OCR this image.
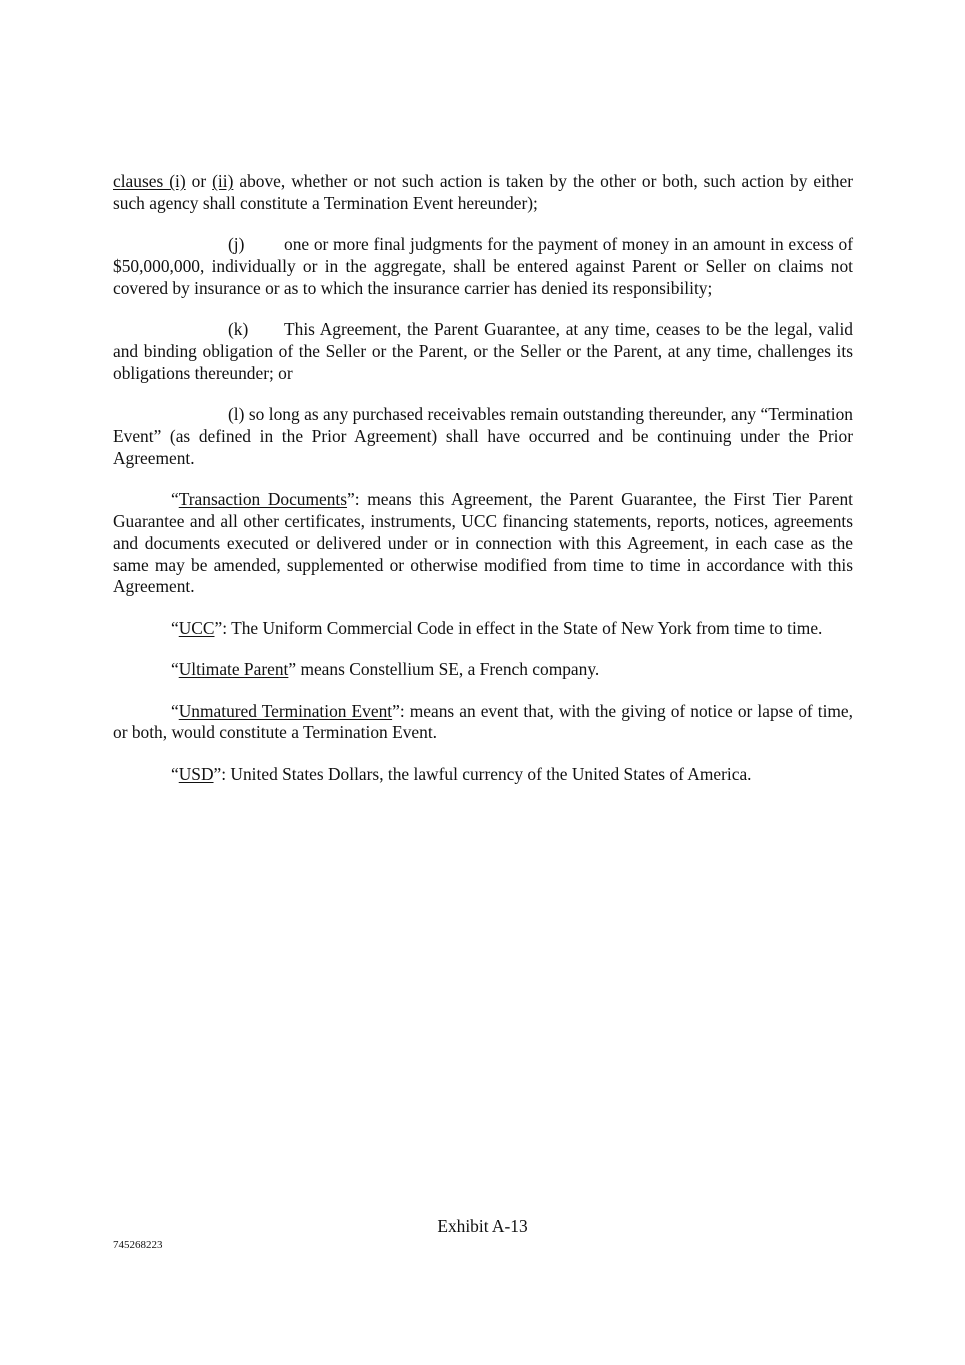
clauses (i) or (ii) above, whether or not such action is taken by the other or both, such action by either such agency shall constitute a Termination Event hereunder);

(j) one or more final judgments for the payment of money in an amount in excess of $50,000,000, individually or in the aggregate, shall be entered against Parent or Seller on claims not covered by insurance or as to which the insurance carrier has denied its responsibility;

(k) This Agreement, the Parent Guarantee, at any time, ceases to be the legal, valid and binding obligation of the Seller or the Parent, or the Seller or the Parent, at any time, challenges its obligations thereunder; or

(l) so long as any purchased receivables remain outstanding thereunder, any “Termination Event” (as defined in the Prior Agreement) shall have occurred and be continuing under the Prior Agreement.

“Transaction Documents”: means this Agreement, the Parent Guarantee, the First Tier Parent Guarantee and all other certificates, instruments, UCC financing statements, reports, notices, agreements and documents executed or delivered under or in connection with this Agreement, in each case as the same may be amended, supplemented or otherwise modified from time to time in accordance with this Agreement.

“UCC”: The Uniform Commercial Code in effect in the State of New York from time to time.

“Ultimate Parent” means Constellium SE, a French company.

“Unmatured Termination Event”: means an event that, with the giving of notice or lapse of time, or both, would constitute a Termination Event.

“USD”: United States Dollars, the lawful currency of the United States of America.

Exhibit A-13
745268223
